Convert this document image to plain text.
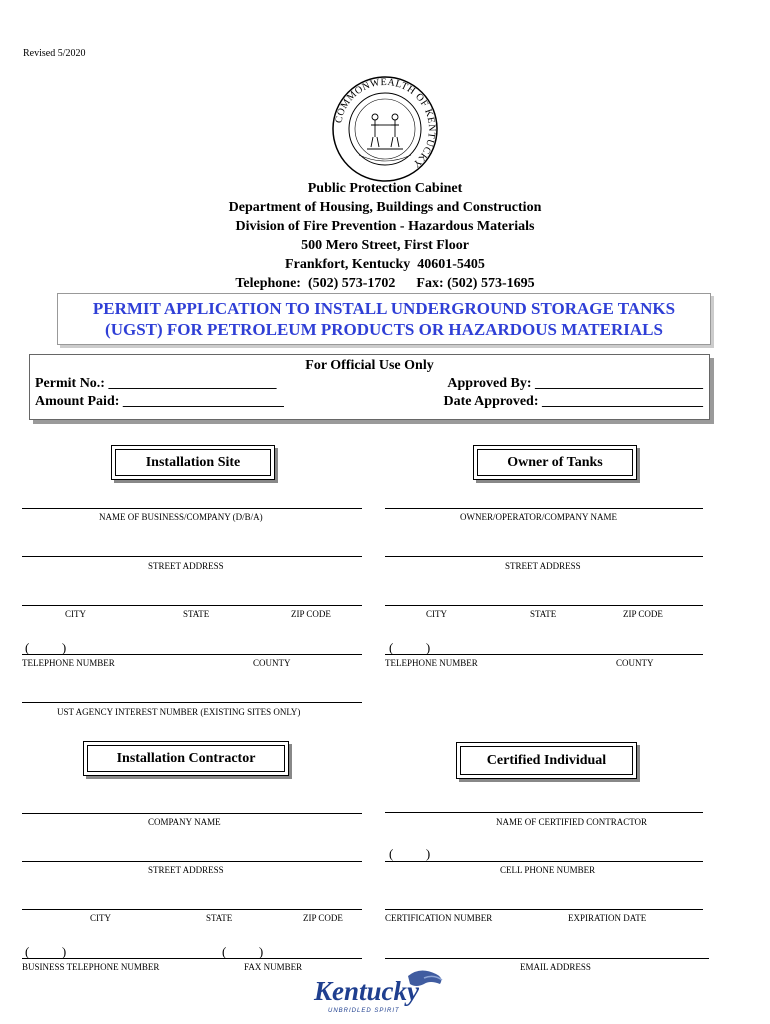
Revised 5/2020
COMMONWEALTH OF KENTUCKY
Public Protection Cabinet
Department of Housing, Buildings and Construction
Division of Fire Prevention - Hazardous Materials
500 Mero Street, First Floor
Frankfort, Kentucky  40601-5405
Telephone:  (502) 573-1702      Fax: (502) 573-1695
PERMIT APPLICATION TO INSTALL UNDERGROUND STORAGE TANKS
(UGST) FOR PETROLEUM PRODUCTS OR HAZARDOUS MATERIALS
For Official Use Only
Permit No.: ________________________
Amount Paid: _______________________
Approved By: ________________________
Date Approved: _______________________
Installation Site	Owner of Tanks
NAME OF BUSINESS/COMPANY (D/B/A)
STREET ADDRESS
CITY	STATE	ZIP CODE
(          )
TELEPHONE NUMBER	COUNTY
UST AGENCY INTEREST NUMBER (EXISTING SITES ONLY)
OWNER/OPERATOR/COMPANY NAME
STREET ADDRESS
CITY	STATE	ZIP CODE
(          )
TELEPHONE NUMBER	COUNTY
Installation Contractor	Certified Individual
COMPANY NAME
STREET ADDRESS
CITY	STATE	ZIP CODE
(          )	(          )
BUSINESS TELEPHONE NUMBER	FAX NUMBER
NAME OF CERTIFIED CONTRACTOR
(          )
CELL PHONE NUMBER
CERTIFICATION NUMBER	EXPIRATION DATE
EMAIL ADDRESS
Kentucky
UNBRIDLED SPIRIT
